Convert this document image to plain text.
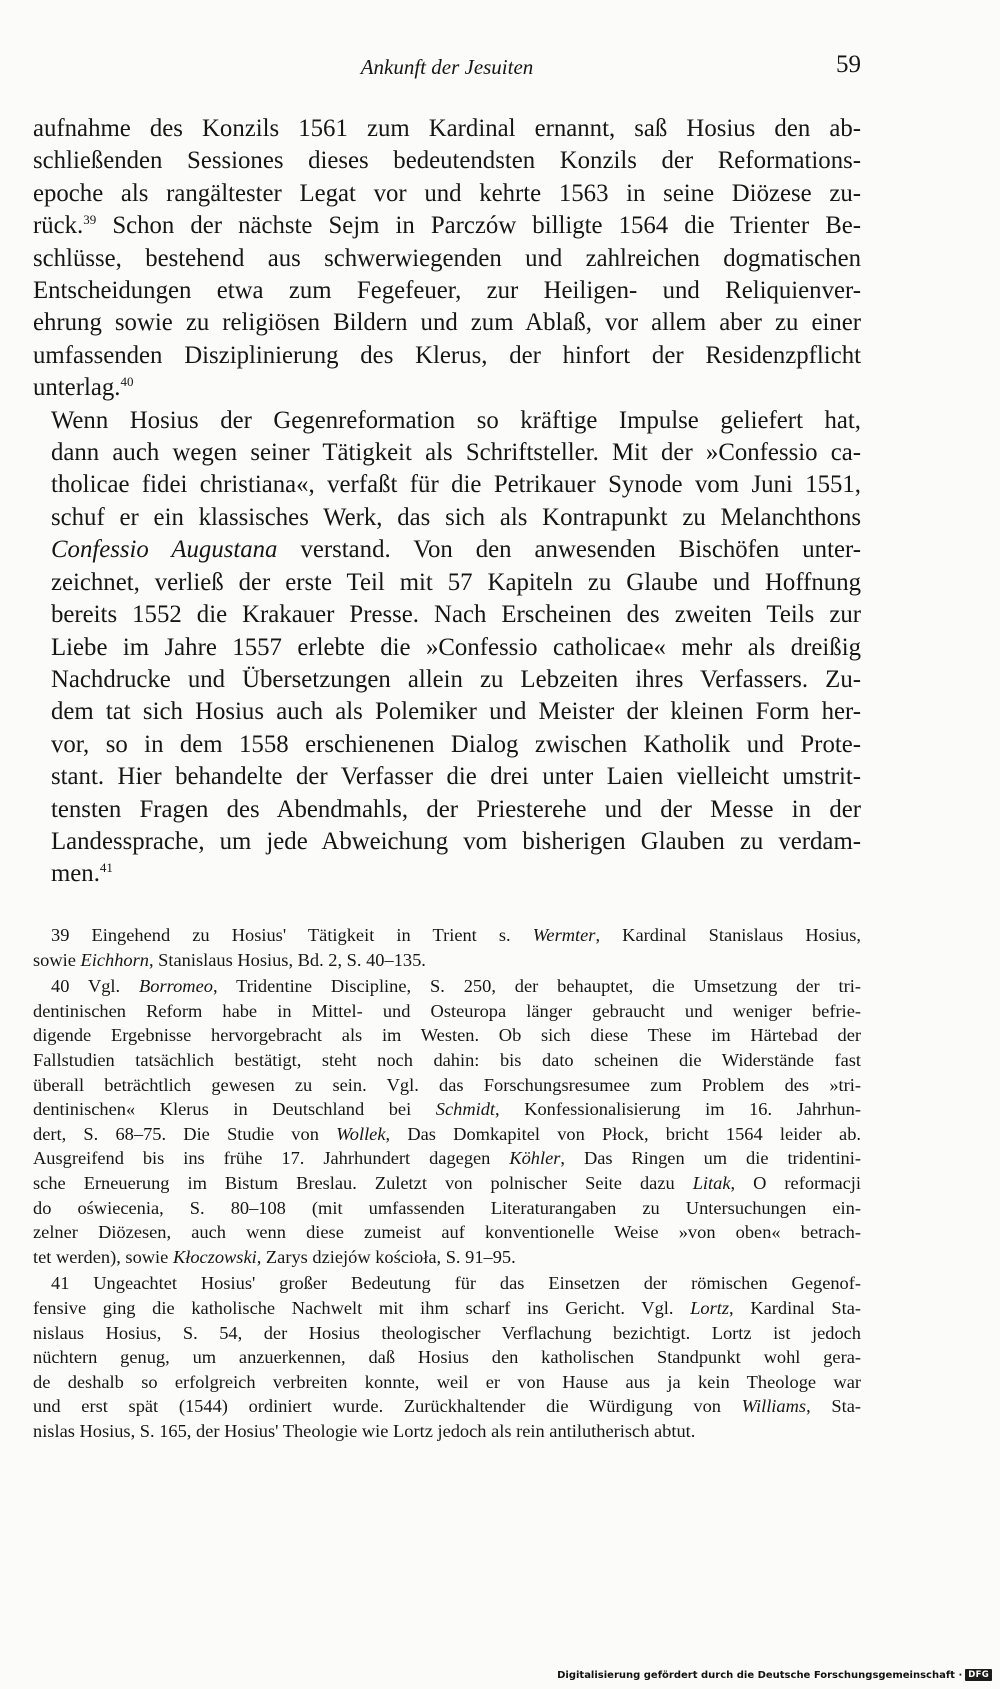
Ankunft der Jesuiten	59

aufnahme des Konzils 1561 zum Kardinal ernannt, saß Hosius den ab-
schließenden Sessiones dieses bedeutendsten Konzils der Reformations-
epoche als rangältester Legat vor und kehrte 1563 in seine Diözese zu-
rück.$^{39}$ Schon der nächste Sejm in Parczów billigte 1564 die Trienter Be-
schlüsse, bestehend aus schwerwiegenden und zahlreichen dogmatischen
Entscheidungen etwa zum Fegefeuer, zur Heiligen- und Reliquienver-
ehrung sowie zu religiösen Bildern und zum Ablaß, vor allem aber zu einer
umfassenden Disziplinierung des Klerus, der hinfort der Residenzpflicht
unterlag.$^{40}$

Wenn Hosius der Gegenreformation so kräftige Impulse geliefert hat,
dann auch wegen seiner Tätigkeit als Schriftsteller. Mit der »Confessio ca-
tholicae fidei christiana«, verfaßt für die Petrikauer Synode vom Juni 1551,
schuf er ein klassisches Werk, das sich als Kontrapunkt zu Melanchthons
Confessio Augustana verstand. Von den anwesenden Bischöfen unter-
zeichnet, verließ der erste Teil mit 57 Kapiteln zu Glaube und Hoffnung
bereits 1552 die Krakauer Presse. Nach Erscheinen des zweiten Teils zur
Liebe im Jahre 1557 erlebte die »Confessio catholicae« mehr als dreißig
Nachdrucke und Übersetzungen allein zu Lebzeiten ihres Verfassers. Zu-
dem tat sich Hosius auch als Polemiker und Meister der kleinen Form her-
vor, so in dem 1558 erschienenen Dialog zwischen Katholik und Prote-
stant. Hier behandelte der Verfasser die drei unter Laien vielleicht umstrit-
tensten Fragen des Abendmahls, der Priesterehe und der Messe in der
Landessprache, um jede Abweichung vom bisherigen Glauben zu verdam-
men.$^{41}$

39 Eingehend zu Hosius' Tätigkeit in Trient s. Wermter, Kardinal Stanislaus Hosius,
sowie Eichhorn, Stanislaus Hosius, Bd. 2, S. 40–135.
40 Vgl. Borromeo, Tridentine Discipline, S. 250, der behauptet, die Umsetzung der tri-
dentinischen Reform habe in Mittel- und Osteuropa länger gebraucht und weniger befrie-
digende Ergebnisse hervorgebracht als im Westen. Ob sich diese These im Härtebad der
Fallstudien tatsächlich bestätigt, steht noch dahin: bis dato scheinen die Widerstände fast
überall beträchtlich gewesen zu sein. Vgl. das Forschungsresumee zum Problem des »tri-
dentinischen« Klerus in Deutschland bei Schmidt, Konfessionalisierung im 16. Jahrhun-
dert, S. 68–75. Die Studie von Wollek, Das Domkapitel von Płock, bricht 1564 leider ab.
Ausgreifend bis ins frühe 17. Jahrhundert dagegen Köhler, Das Ringen um die tridentini-
sche Erneuerung im Bistum Breslau. Zuletzt von polnischer Seite dazu Litak, O reformacji
do oświecenia, S. 80–108 (mit umfassenden Literaturangaben zu Untersuchungen ein-
zelner Diözesen, auch wenn diese zumeist auf konventionelle Weise »von oben« betrach-
tet werden), sowie Kłoczowski, Zarys dziejów kościoła, S. 91–95.
41 Ungeachtet Hosius' großer Bedeutung für das Einsetzen der römischen Gegenof-
fensive ging die katholische Nachwelt mit ihm scharf ins Gericht. Vgl. Lortz, Kardinal Sta-
nislaus Hosius, S. 54, der Hosius theologischer Verflachung bezichtigt. Lortz ist jedoch
nüchtern genug, um anzuerkennen, daß Hosius den katholischen Standpunkt wohl gera-
de deshalb so erfolgreich verbreiten konnte, weil er von Hause aus ja kein Theologe war
und erst spät (1544) ordiniert wurde. Zurückhaltender die Würdigung von Williams, Sta-
nislas Hosius, S. 165, der Hosius' Theologie wie Lortz jedoch als rein antilutherisch abtut.
Digitalisierung gefördert durch die Deutsche Forschungsgemeinschaft · DFG
